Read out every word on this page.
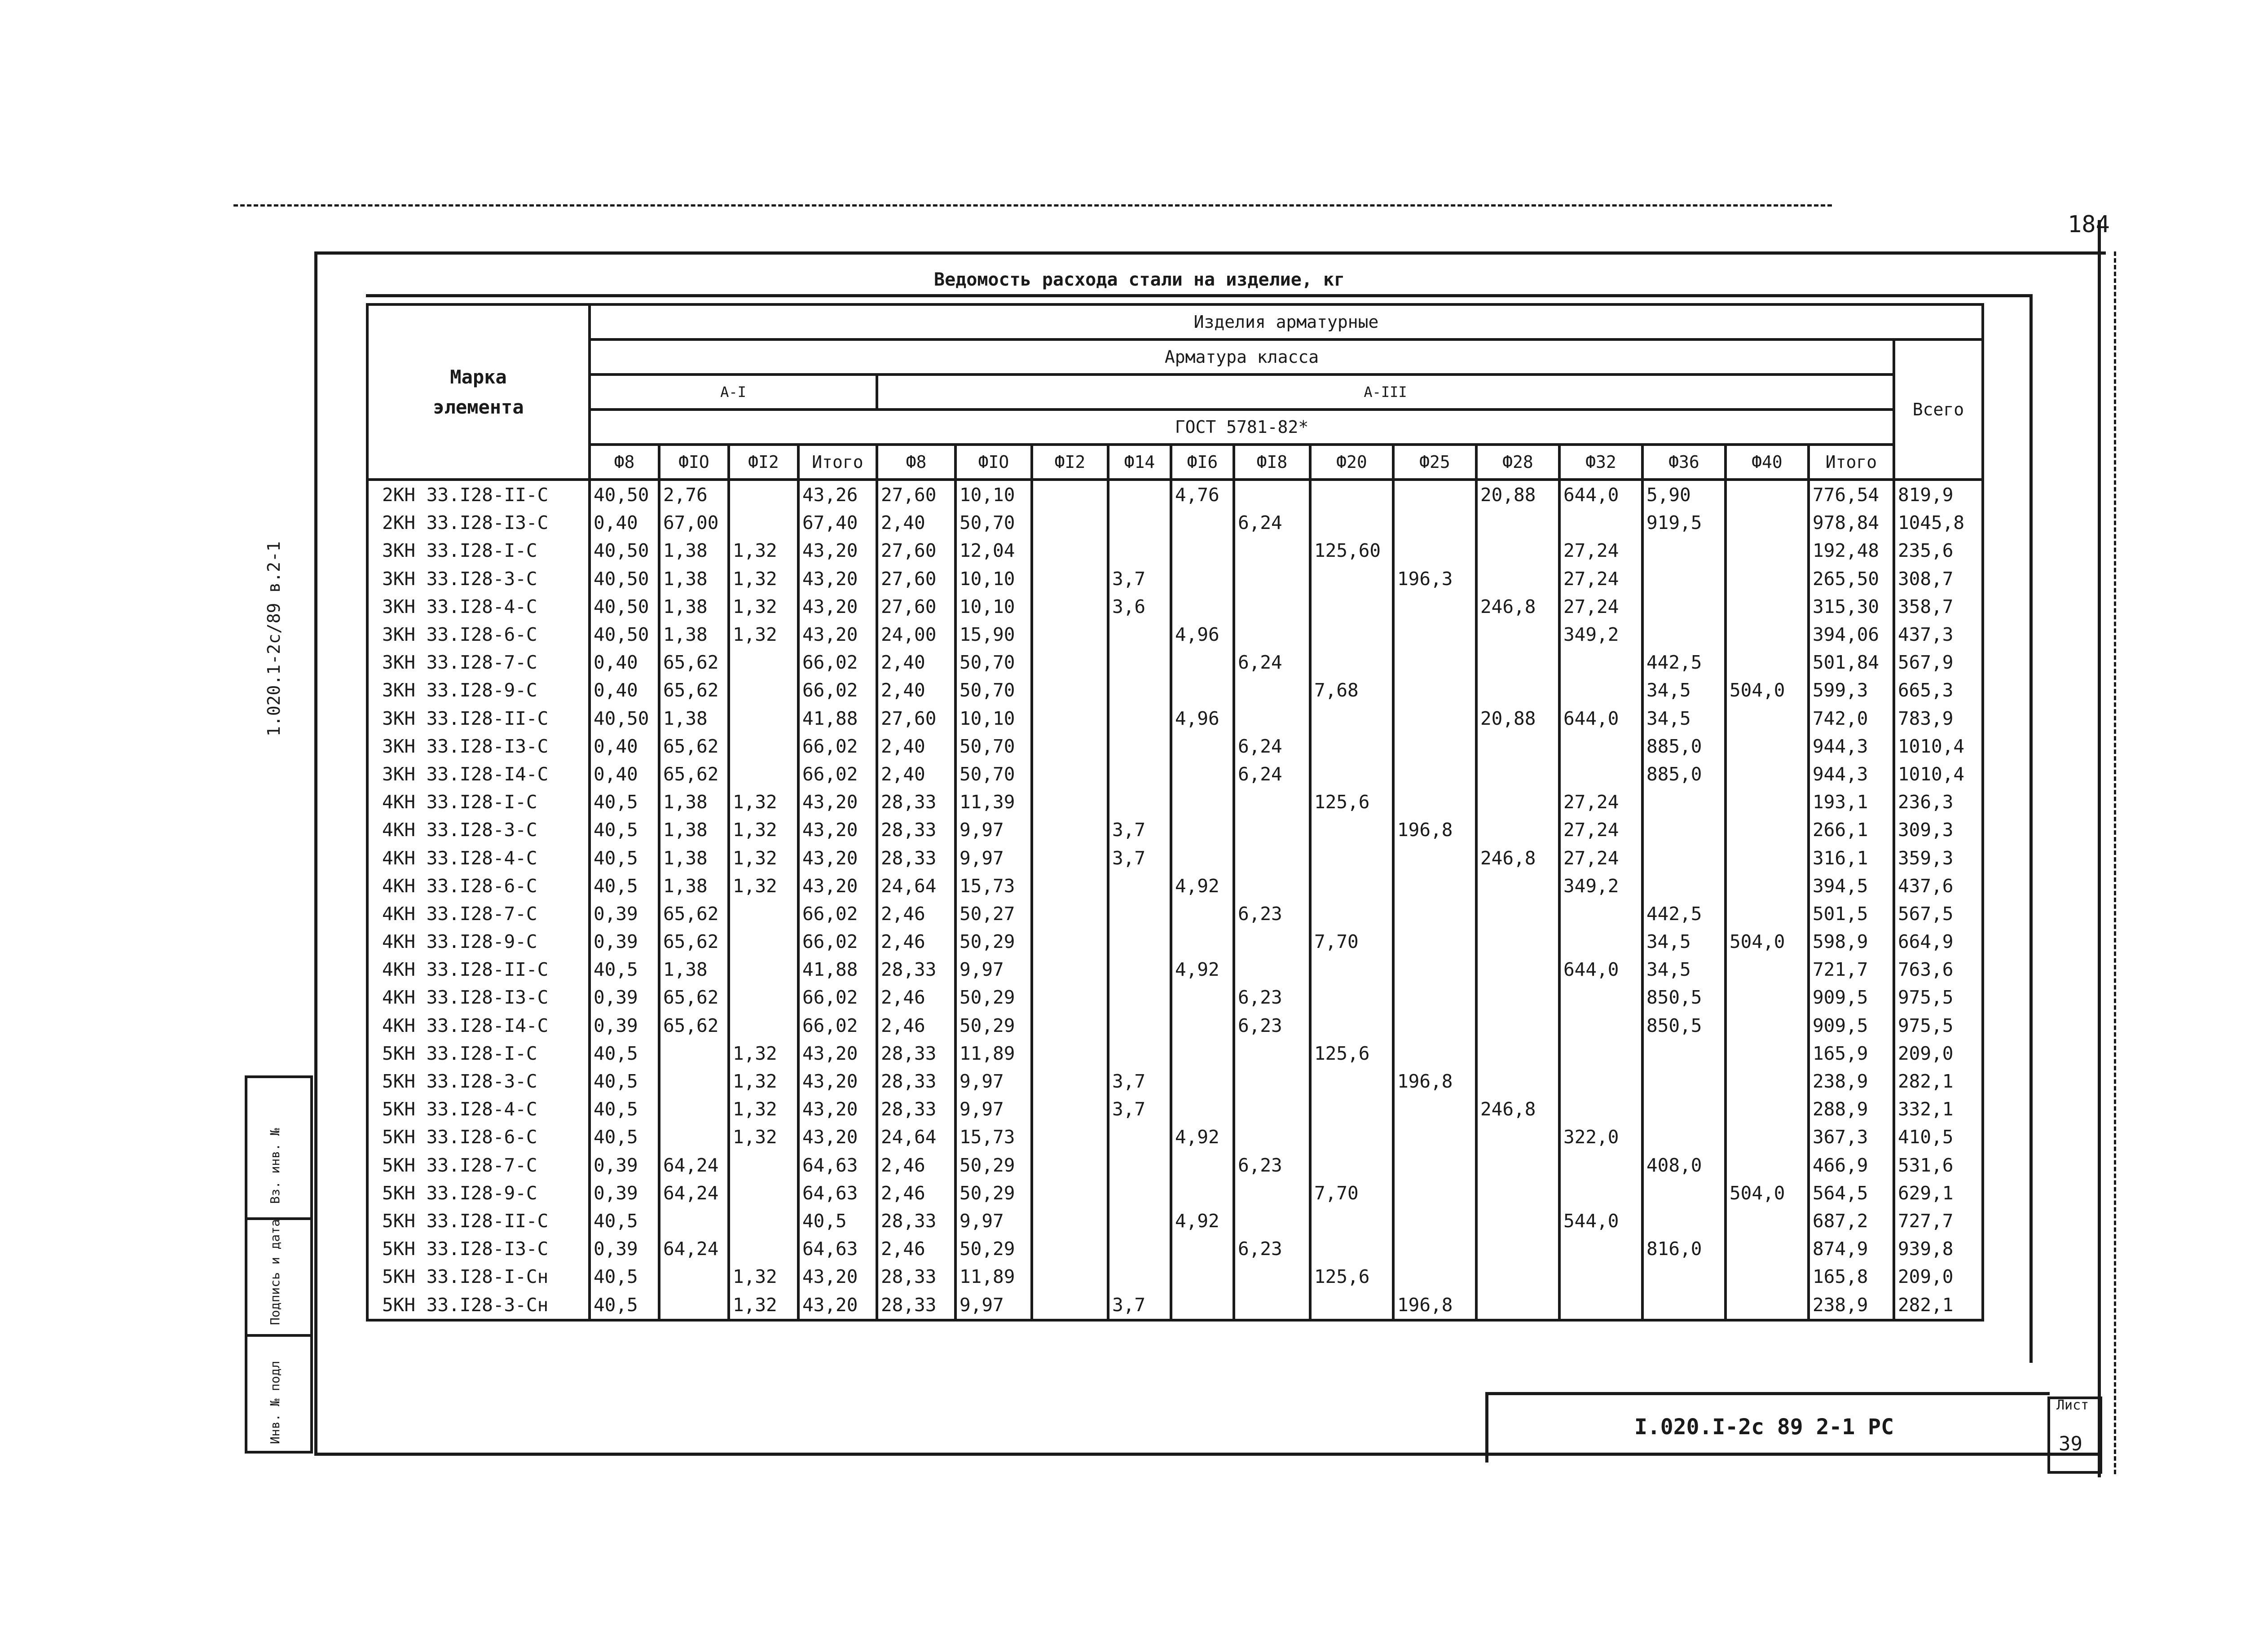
184
1.020.1-2c/89 в.2-1
Ведомость расхода стали на изделие, кг
Марка
элемента	Изделия арматурные																	
	Арматура класса																	Всего
	А-I				А-III													
	ГОСТ 5781-82*																	
	Ф8	ФIO	ФI2	Итого	Ф8	ФIO	ФI2	Ф14	ФI6	ФI8	Ф20	Ф25	Ф28	Ф32	Ф36	Ф40	Итого	
2КН 33.I28-II-С	40,50	2,76		43,26	27,60	10,10			4,76				20,88	644,0	5,90		776,54	819,9
2КН 33.I28-I3-С	0,40	67,00		67,40	2,40	50,70				6,24					919,5		978,84	1045,8
3КН 33.I28-I-С	40,50	1,38	1,32	43,20	27,60	12,04					125,60			27,24			192,48	235,6
3КН 33.I28-3-С	40,50	1,38	1,32	43,20	27,60	10,10		3,7				196,3		27,24			265,50	308,7
3КН 33.I28-4-С	40,50	1,38	1,32	43,20	27,60	10,10		3,6					246,8	27,24			315,30	358,7
3КН 33.I28-6-С	40,50	1,38	1,32	43,20	24,00	15,90			4,96					349,2			394,06	437,3
3КН 33.I28-7-С	0,40	65,62		66,02	2,40	50,70				6,24					442,5		501,84	567,9
3КН 33.I28-9-С	0,40	65,62		66,02	2,40	50,70					7,68				34,5	504,0	599,3	665,3
3КН 33.I28-II-С	40,50	1,38		41,88	27,60	10,10			4,96				20,88	644,0	34,5		742,0	783,9
3КН 33.I28-I3-С	0,40	65,62		66,02	2,40	50,70				6,24					885,0		944,3	1010,4
3КН 33.I28-I4-С	0,40	65,62		66,02	2,40	50,70				6,24					885,0		944,3	1010,4
4КН 33.I28-I-С	40,5	1,38	1,32	43,20	28,33	11,39					125,6			27,24			193,1	236,3
4КН 33.I28-3-С	40,5	1,38	1,32	43,20	28,33	9,97		3,7				196,8		27,24			266,1	309,3
4КН 33.I28-4-С	40,5	1,38	1,32	43,20	28,33	9,97		3,7					246,8	27,24			316,1	359,3
4КН 33.I28-6-С	40,5	1,38	1,32	43,20	24,64	15,73			4,92					349,2			394,5	437,6
4КН 33.I28-7-С	0,39	65,62		66,02	2,46	50,27				6,23					442,5		501,5	567,5
4КН 33.I28-9-С	0,39	65,62		66,02	2,46	50,29					7,70				34,5	504,0	598,9	664,9
4КН 33.I28-II-С	40,5	1,38		41,88	28,33	9,97			4,92					644,0	34,5		721,7	763,6
4КН 33.I28-I3-С	0,39	65,62		66,02	2,46	50,29				6,23					850,5		909,5	975,5
4КН 33.I28-I4-С	0,39	65,62		66,02	2,46	50,29				6,23					850,5		909,5	975,5
5КН 33.I28-I-С	40,5		1,32	43,20	28,33	11,89					125,6						165,9	209,0
5КН 33.I28-3-С	40,5		1,32	43,20	28,33	9,97		3,7				196,8					238,9	282,1
5КН 33.I28-4-С	40,5		1,32	43,20	28,33	9,97		3,7					246,8				288,9	332,1
5КН 33.I28-6-С	40,5		1,32	43,20	24,64	15,73			4,92					322,0			367,3	410,5
5КН 33.I28-7-С	0,39	64,24		64,63	2,46	50,29				6,23					408,0		466,9	531,6
5КН 33.I28-9-С	0,39	64,24		64,63	2,46	50,29					7,70					504,0	564,5	629,1
5КН 33.I28-II-С	40,5			40,5	28,33	9,97			4,92					544,0			687,2	727,7
5КН 33.I28-I3-С	0,39	64,24		64,63	2,46	50,29				6,23					816,0		874,9	939,8
5КН 33.I28-I-Сн	40,5		1,32	43,20	28,33	11,89					125,6						165,8	209,0
5КН 33.I28-3-Сн	40,5		1,32	43,20	28,33	9,97		3,7				196,8					238,9	282,1
Вз. инв. №
Подпись и дата
Инв. № подл	I.020.I-2с 89 2-1 РС
Лист
39
